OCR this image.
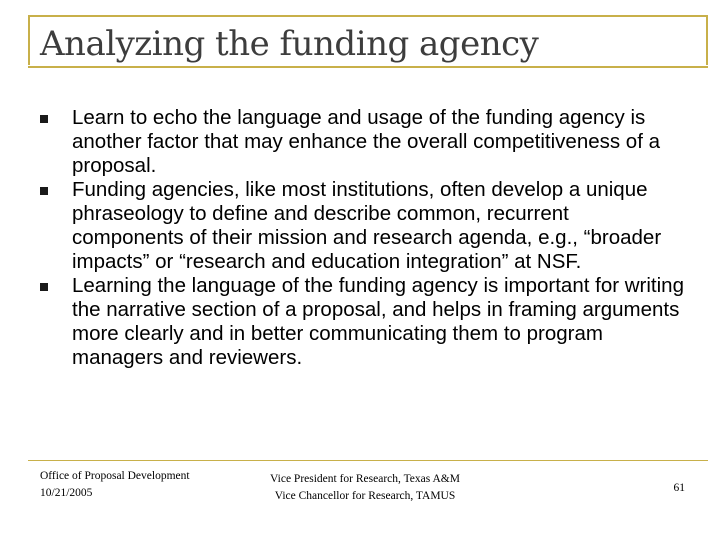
Analyzing the funding agency
Learn to echo the language and usage of the funding agency is another factor that may enhance the overall competitiveness of a proposal.
Funding agencies, like most institutions, often develop a unique phraseology to define and describe common, recurrent components of their mission and research agenda, e.g., “broader impacts” or “research and education integration” at NSF.
Learning the language of the funding agency is important for writing the narrative section of a proposal, and helps in framing arguments more clearly and in better communicating them to program managers and reviewers.
Office of Proposal Development
10/21/2005
Vice President for Research, Texas A&M
Vice Chancellor for Research, TAMUS
61
